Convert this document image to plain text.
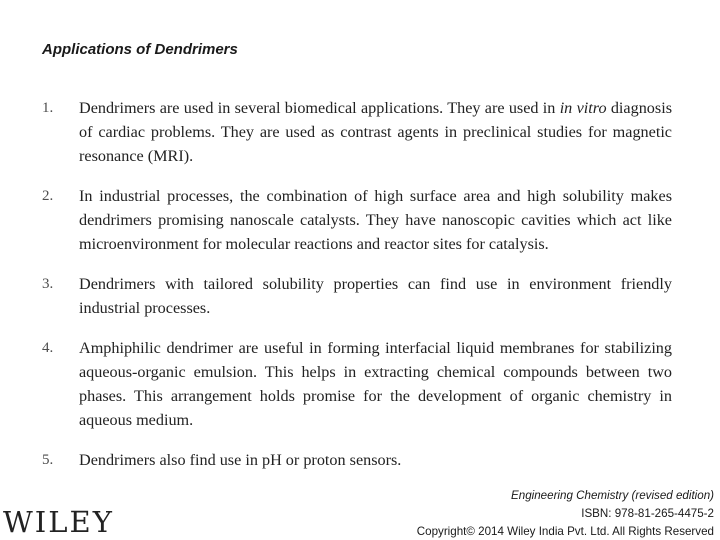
Applications of Dendrimers
1.	Dendrimers are used in several biomedical applications. They are used in in vitro diagnosis of cardiac problems. They are used as contrast agents in preclinical studies for magnetic resonance (MRI).
2.	In industrial processes, the combination of high surface area and high solubility makes dendrimers promising nanoscale catalysts. They have nanoscopic cavities which act like microenvironment for molecular reactions and reactor sites for catalysis.
3.	Dendrimers with tailored solubility properties can find use in environment friendly industrial processes.
4.	Amphiphilic dendrimer are useful in forming interfacial liquid membranes for stabilizing aqueous-organic emulsion. This helps in extracting chemical compounds between two phases. This arrangement holds promise for the development of organic chemistry in aqueous medium.
5.	Dendrimers also find use in pH or proton sensors.
WILEY
Engineering Chemistry (revised edition)
ISBN: 978-81-265-4475-2
Copyright© 2014 Wiley India Pvt. Ltd. All Rights Reserved
